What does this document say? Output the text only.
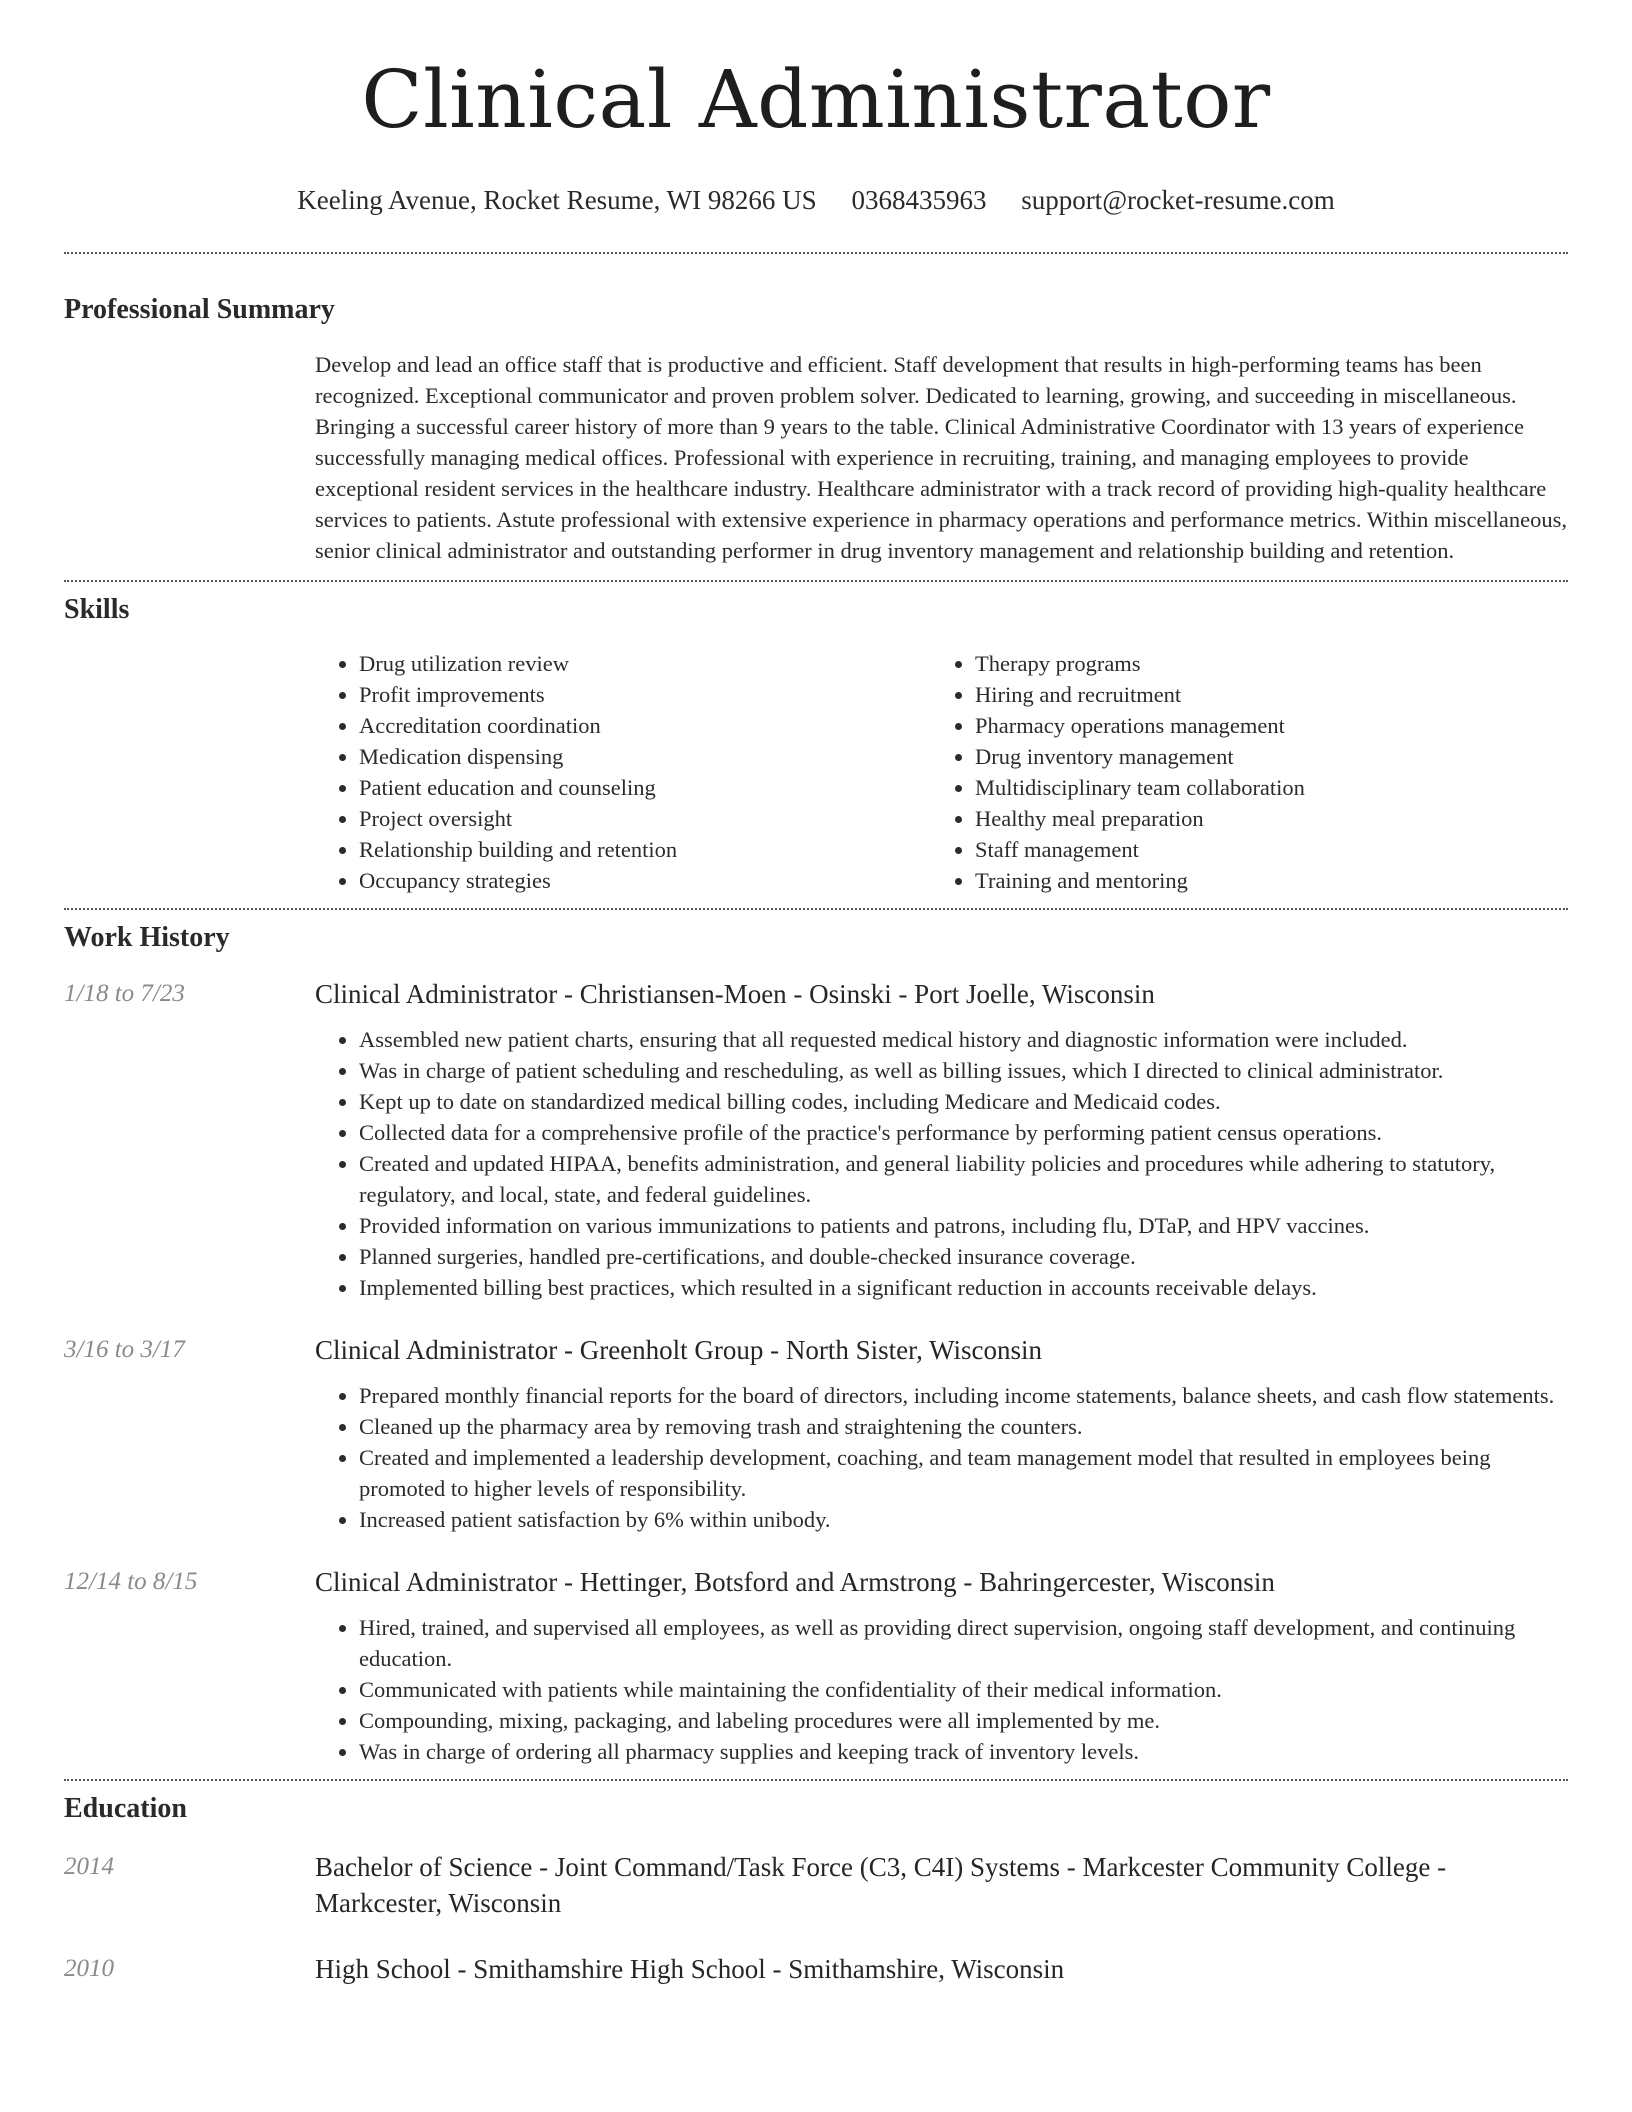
Clinical Administrator
Keeling Avenue, Rocket Resume, WI 98266 US 0368435963 support@rocket-resume.com
Professional Summary

Develop and lead an office staff that is productive and efficient. Staff development that results in high-performing teams has been recognized. Exceptional communicator and proven problem solver. Dedicated to learning, growing, and succeeding in miscellaneous. Bringing a successful career history of more than 9 years to the table. Clinical Administrative Coordinator with 13 years of experience successfully managing medical offices. Professional with experience in recruiting, training, and managing employees to provide exceptional resident services in the healthcare industry. Healthcare administrator with a track record of providing high-quality healthcare services to patients. Astute professional with extensive experience in pharmacy operations and performance metrics. Within miscellaneous, senior clinical administrator and outstanding performer in drug inventory management and relationship building and retention.

Skills
• Drug utilization review
• Profit improvements
• Accreditation coordination
• Medication dispensing
• Patient education and counseling
• Project oversight
• Relationship building and retention
• Occupancy strategies
• Therapy programs
• Hiring and recruitment
• Pharmacy operations management
• Drug inventory management
• Multidisciplinary team collaboration
• Healthy meal preparation
• Staff management
• Training and mentoring
Work History
1/18 to 7/23	Clinical Administrator - Christiansen-Moen - Osinski - Port Joelle, Wisconsin
• Assembled new patient charts, ensuring that all requested medical history and diagnostic information were included.
• Was in charge of patient scheduling and rescheduling, as well as billing issues, which I directed to clinical administrator.
• Kept up to date on standardized medical billing codes, including Medicare and Medicaid codes.
• Collected data for a comprehensive profile of the practice's performance by performing patient census operations.
• Created and updated HIPAA, benefits administration, and general liability policies and procedures while adhering to statutory, regulatory, and local, state, and federal guidelines.
• Provided information on various immunizations to patients and patrons, including flu, DTaP, and HPV vaccines.
• Planned surgeries, handled pre-certifications, and double-checked insurance coverage.
• Implemented billing best practices, which resulted in a significant reduction in accounts receivable delays.
3/16 to 3/17	Clinical Administrator - Greenholt Group - North Sister, Wisconsin
• Prepared monthly financial reports for the board of directors, including income statements, balance sheets, and cash flow statements.
• Cleaned up the pharmacy area by removing trash and straightening the counters.
• Created and implemented a leadership development, coaching, and team management model that resulted in employees being promoted to higher levels of responsibility.
• Increased patient satisfaction by 6% within unibody.
12/14 to 8/15	Clinical Administrator - Hettinger, Botsford and Armstrong - Bahringercester, Wisconsin
• Hired, trained, and supervised all employees, as well as providing direct supervision, ongoing staff development, and continuing education.
• Communicated with patients while maintaining the confidentiality of their medical information.
• Compounding, mixing, packaging, and labeling procedures were all implemented by me.
• Was in charge of ordering all pharmacy supplies and keeping track of inventory levels.
Education
2014	Bachelor of Science - Joint Command/Task Force (C3, C4I) Systems - Markcester Community College - Markcester, Wisconsin
2010	High School - Smithamshire High School - Smithamshire, Wisconsin
